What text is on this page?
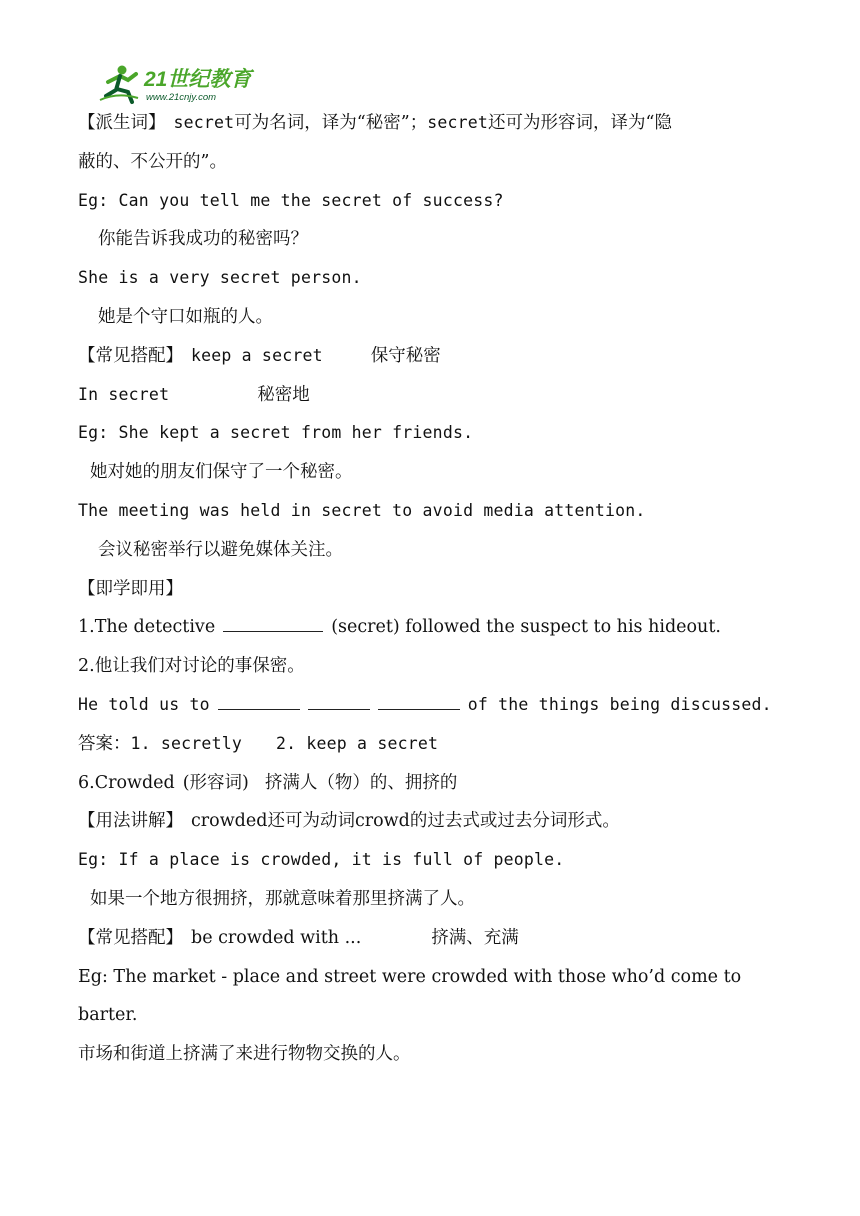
21世纪教育
www.21cnjy.com
【派生词】 secret可为名词，译为“秘密”；secret还可为形容词，译为“隐
蔽的、不公开的”。
Eg: Can you tell me the secret of success?
你能告诉我成功的秘密吗？
She is a very secret person.
她是个守口如瓶的人。
【常见搭配】 keep a secret	保守秘密
In secret	秘密地
Eg: She kept a secret from her friends.
她对她的朋友们保守了一个秘密。
The meeting was held in secret to avoid media attention.
会议秘密举行以避免媒体关注。
【即学即用】
1.The detective	(secret) followed the suspect to his hideout.
2.他让我们对讨论的事保密。
He told us to	of the things being discussed.
答案：1. secretly 2. keep a secret
6.Crowded (形容词) 挤满人（物）的、拥挤的
【用法讲解】 crowded还可为动词crowd的过去式或过去分词形式。
Eg: If a place is crowded, it is full of people.
如果一个地方很拥挤，那就意味着那里挤满了人。
【常见搭配】 be crowded with ...	挤满、充满
Eg: The market - place and street were crowded with those who’d come to
barter.
市场和街道上挤满了来进行物物交换的人。
